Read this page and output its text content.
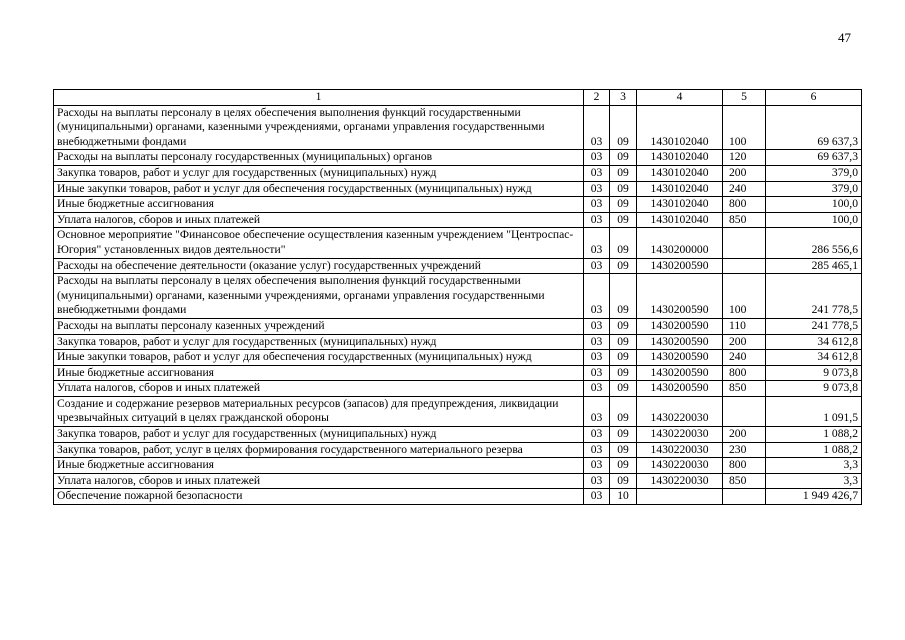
47
1	2	3	4	5	6
Расходы на выплаты персоналу в целях обеспечения выполнения функций государственными (муниципальными) органами, казенными учреждениями, органами управления государственными внебюджетными фондами	03	09	1430102040	100	69 637,3
Расходы на выплаты персоналу государственных (муниципальных) органов	03	09	1430102040	120	69 637,3
Закупка товаров, работ и услуг для государственных (муниципальных) нужд	03	09	1430102040	200	379,0
Иные закупки товаров, работ и услуг для обеспечения государственных (муниципальных) нужд	03	09	1430102040	240	379,0
Иные бюджетные ассигнования	03	09	1430102040	800	100,0
Уплата налогов, сборов и иных платежей	03	09	1430102040	850	100,0
Основное мероприятие "Финансовое обеспечение осуществления казенным учреждением "Центроспас-Югория" установленных видов деятельности"	03	09	1430200000		286 556,6
Расходы на обеспечение деятельности (оказание услуг) государственных учреждений	03	09	1430200590		285 465,1
Расходы на выплаты персоналу в целях обеспечения выполнения функций государственными (муниципальными) органами, казенными учреждениями, органами управления государственными внебюджетными фондами	03	09	1430200590	100	241 778,5
Расходы на выплаты персоналу казенных учреждений	03	09	1430200590	110	241 778,5
Закупка товаров, работ и услуг для государственных (муниципальных) нужд	03	09	1430200590	200	34 612,8
Иные закупки товаров, работ и услуг для обеспечения государственных (муниципальных) нужд	03	09	1430200590	240	34 612,8
Иные бюджетные ассигнования	03	09	1430200590	800	9 073,8
Уплата налогов, сборов и иных платежей	03	09	1430200590	850	9 073,8
Создание и содержание резервов материальных ресурсов (запасов) для предупреждения, ликвидации чрезвычайных ситуаций в целях гражданской обороны	03	09	1430220030		1 091,5
Закупка товаров, работ и услуг для государственных (муниципальных) нужд	03	09	1430220030	200	1 088,2
Закупка товаров, работ, услуг в целях формирования государственного материального резерва	03	09	1430220030	230	1 088,2
Иные бюджетные ассигнования	03	09	1430220030	800	3,3
Уплата налогов, сборов и иных платежей	03	09	1430220030	850	3,3
Обеспечение пожарной безопасности	03	10			1 949 426,7
